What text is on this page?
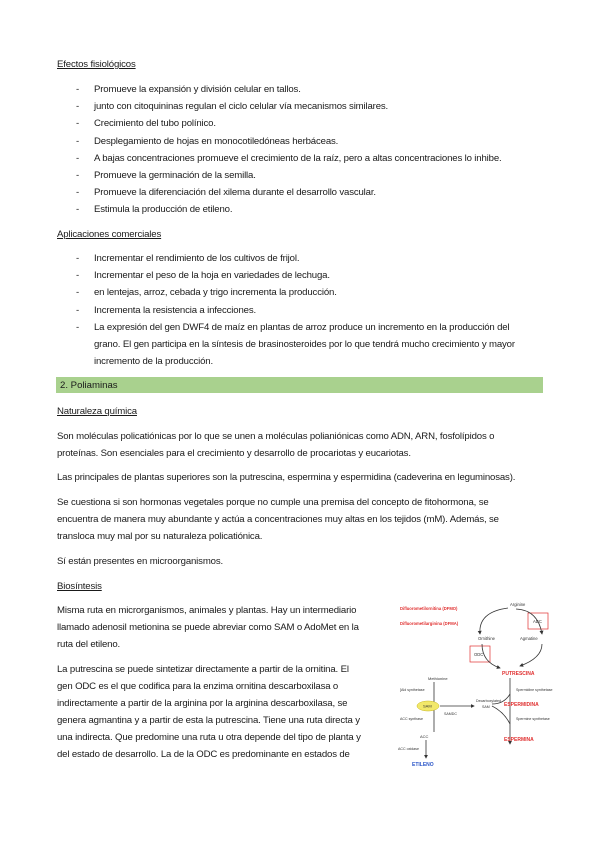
Efectos fisiológicos
- Promueve la expansión y división celular en tallos.
- junto con citoquininas regulan el ciclo celular vía mecanismos similares.
- Crecimiento del tubo polínico.
- Desplegamiento de hojas en monocotiledóneas herbáceas.
- A bajas concentraciones promueve el crecimiento de la raíz, pero a altas concentraciones lo inhibe.
- Promueve la germinación de la semilla.
- Promueve la diferenciación del xilema durante el desarrollo vascular.
- Estimula la producción de etileno.
Aplicaciones comerciales
- Incrementar el rendimiento de los cultivos de frijol.
- Incrementar el peso de la hoja en variedades de lechuga.
- en lentejas, arroz, cebada y trigo incrementa la producción.
- Incrementa la resistencia a infecciones.
- La expresión del gen DWF4 de maíz en plantas de arroz produce un incremento en la producción del
grano. El gen participa en la síntesis de brasinosteroides por lo que tendrá mucho crecimiento y mayor
incremento de la producción.
2. Poliaminas
Naturaleza química
Son moléculas policatiónicas por lo que se unen a moléculas polianiónicas como ADN, ARN, fosfolípidos o
proteínas. Son esenciales para el crecimiento y desarrollo de procariotas y eucariotas.
Las principales de plantas superiores son la putrescina, espermina y espermidina (cadeverina en leguminosas).
Se cuestiona si son hormonas vegetales porque no cumple una premisa del concepto de fitohormona, se
encuentra de manera muy abundante y actúa a concentraciones muy altas en los tejidos (mM). Además, se
transloca muy mal por su naturaleza policatiónica.
Sí están presentes en microorganismos.
Biosíntesis
Misma ruta en microrganismos, animales y plantas. Hay un intermediario
llamado adenosil metionina se puede abreviar como SAM o AdoMet en la
ruta del etileno.
La putrescina se puede sintetizar directamente a partir de la ornitina. El
gen ODC es el que codifica para la enzima ornitina descarboxilasa o
indirectamente a partir de la arginina por la arginina descarboxilasa, se
genera agmantina y a partir de esta la putrescina. Tiene una ruta directa y
una indirecta. Que predomine una ruta u otra depende del tipo de planta y
del estado de desarrollo. La de la ODC es predominante en estados de
Difluorometilornitina (DFMO)
Difluorometilarginina (DFMA)
Arginine
ADC
Agmatine
Ornithine
ODC
PUTRESCINA
Methionine
[Ald synthetase
SAM
SAMDC
Decarboxylated
SAM
ACC synthase
ACC
ACC oxidase
ETILENO
Spermidine synthetase
ESPERMIDINA
Spermine synthetase
ESPERMINA
